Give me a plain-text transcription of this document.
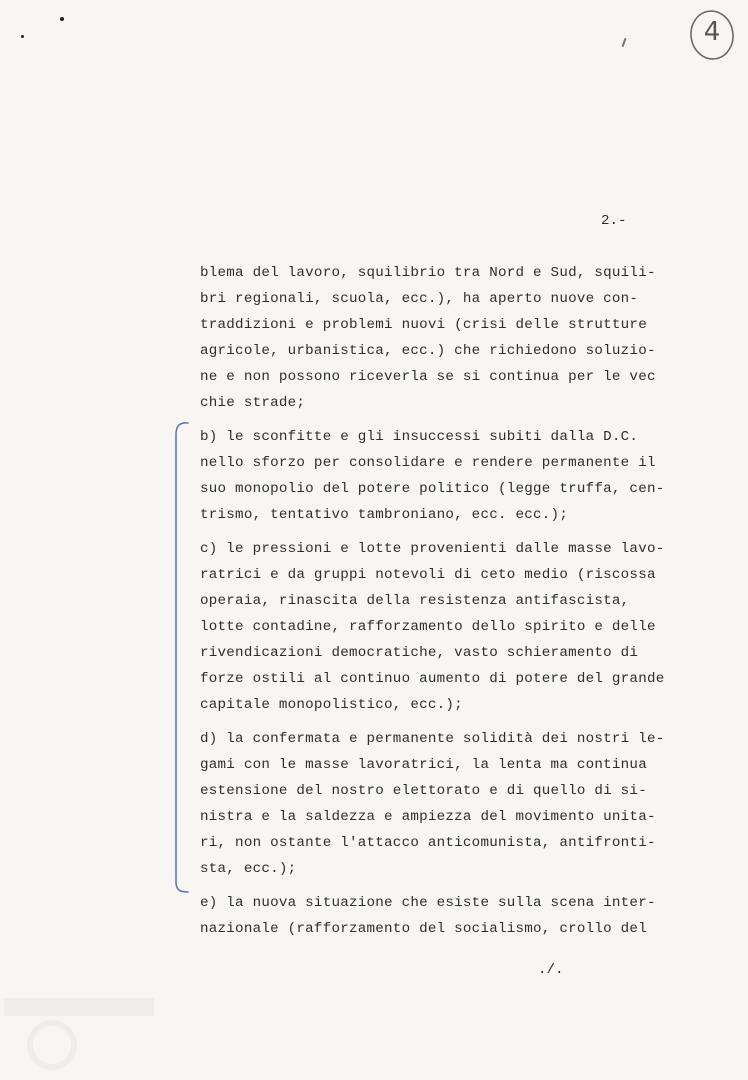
4
2.-
blema del lavoro, squilibrio tra Nord e Sud, squili-
bri regionali, scuola, ecc.), ha aperto nuove con-
traddizioni e problemi nuovi (crisi delle strutture
agricole, urbanistica, ecc.) che richiedono soluzio-
ne e non possono riceverla se si continua per le vec
chie strade;
b) le sconfitte e gli insuccessi subiti dalla D.C.
nello sforzo per consolidare e rendere permanente il
suo monopolio del potere politico (legge truffa, cen-
trismo, tentativo tambroniano, ecc. ecc.);
c) le pressioni e lotte provenienti dalle masse lavo-
ratrici e da gruppi notevoli di ceto medio (riscossa
operaia, rinascita della resistenza antifascista,
lotte contadine, rafforzamento dello spirito e delle
rivendicazioni democratiche, vasto schieramento di
forze ostili al continuo aumento di potere del grande
capitale monopolistico, ecc.);
d) la confermata e permanente solidità dei nostri le-
gami con le masse lavoratrici, la lenta ma continua
estensione del nostro elettorato e di quello di si-
nistra e la saldezza e ampiezza del movimento unita-
ri, non ostante l'attacco anticomunista, antifronti-
sta, ecc.);
e) la nuova situazione che esiste sulla scena inter-
nazionale (rafforzamento del socialismo, crollo del
./.
